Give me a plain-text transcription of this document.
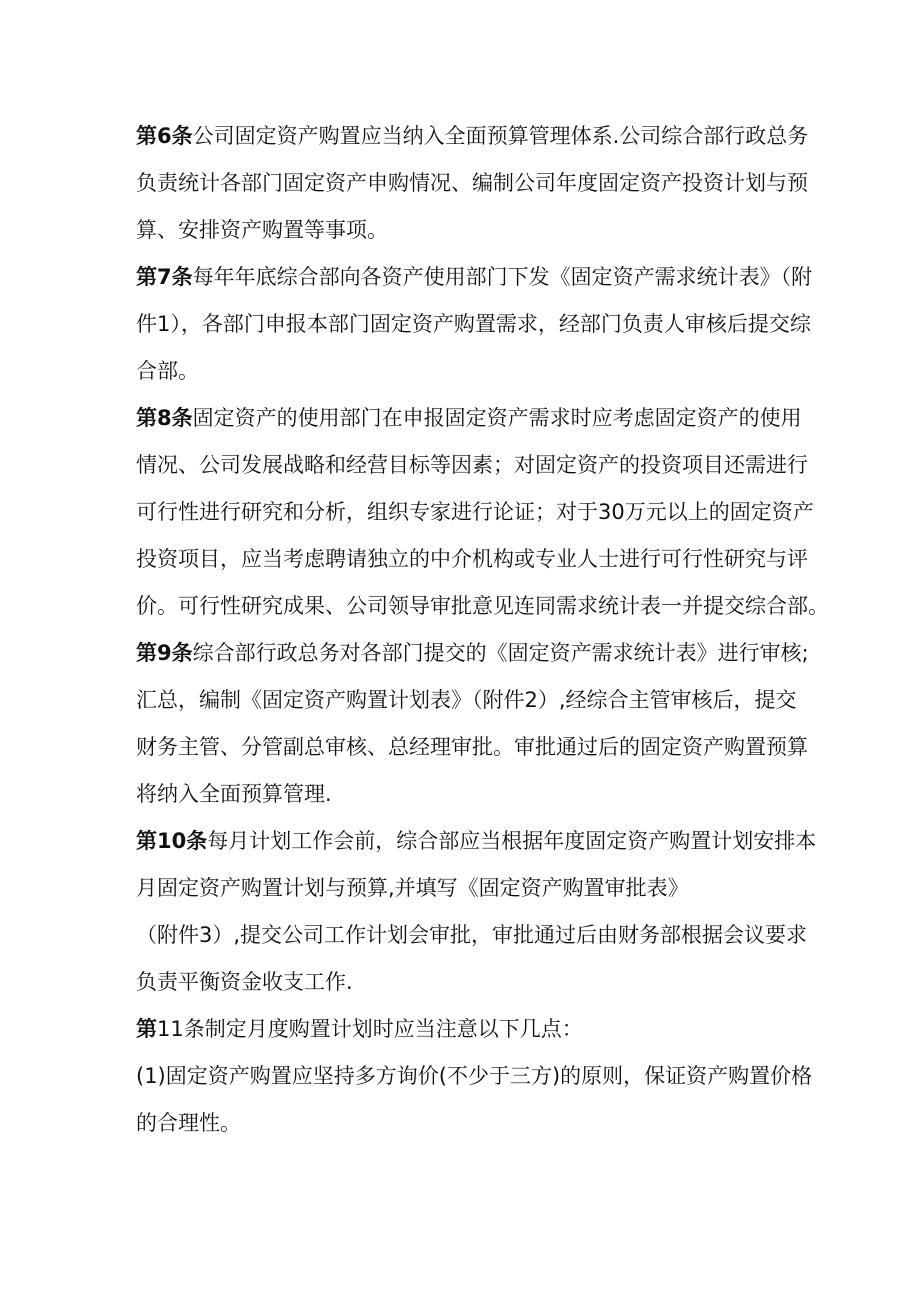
第6条公司固定资产购置应当纳入全面预算管理体系.公司综合部行政总务
负责统计各部门固定资产申购情况、编制公司年度固定资产投资计划与预
算、安排资产购置等事项。
第7条每年年底综合部向各资产使用部门下发《固定资产需求统计表》（附
件1），各部门申报本部门固定资产购置需求，经部门负责人审核后提交综
合部。
第8条固定资产的使用部门在申报固定资产需求时应考虑固定资产的使用
情况、公司发展战略和经营目标等因素；对固定资产的投资项目还需进行
可行性进行研究和分析，组织专家进行论证；对于30万元以上的固定资产
投资项目，应当考虑聘请独立的中介机构或专业人士进行可行性研究与评
价。可行性研究成果、公司领导审批意见连同需求统计表一并提交综合部。
第9条综合部行政总务对各部门提交的《固定资产需求统计表》进行审核;
汇总，编制《固定资产购置计划表》（附件2）,经综合主管审核后，提交
财务主管、分管副总审核、总经理审批。审批通过后的固定资产购置预算
将纳入全面预算管理.
第10条每月计划工作会前，综合部应当根据年度固定资产购置计划安排本
月固定资产购置计划与预算,并填写《固定资产购置审批表》
（附件3）,提交公司工作计划会审批，审批通过后由财务部根据会议要求
负责平衡资金收支工作.
第11条制定月度购置计划时应当注意以下几点：
(1)固定资产购置应坚持多方询价(不少于三方)的原则，保证资产购置价格
的合理性。
